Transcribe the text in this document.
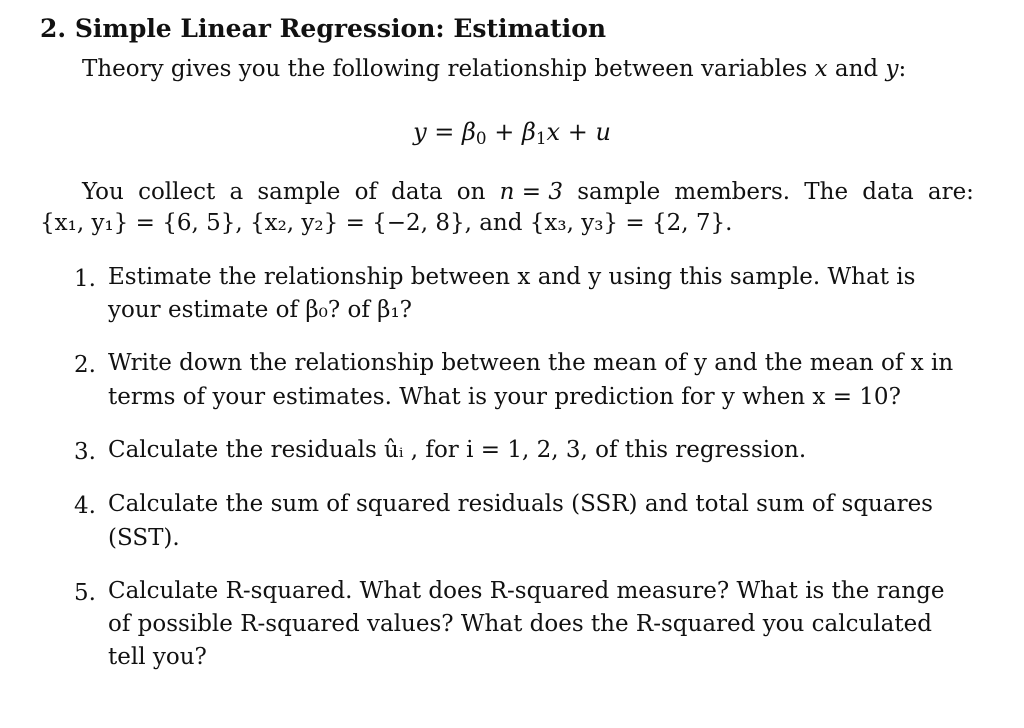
2. Simple Linear Regression: Estimation
Theory gives you the following relationship between variables x and y:
$y = \beta_0 + \beta_1x + u$
You collect a sample of data on n = 3 sample members. The data are:
{x₁, y₁} = {6, 5}, {x₂, y₂} = {−2, 8}, and {x₃, y₃} = {2, 7}.
1. Estimate the relationship between x and y using this sample. What is
your estimate of β₀? of β₁?
2. Write down the relationship between the mean of y and the mean of x in
terms of your estimates. What is your prediction for y when x = 10?
3. Calculate the residuals ûᵢ , for i = 1, 2, 3, of this regression.
4. Calculate the sum of squared residuals (SSR) and total sum of squares
(SST).
5. Calculate R-squared. What does R-squared measure? What is the range
of possible R-squared values? What does the R-squared you calculated
tell you?
